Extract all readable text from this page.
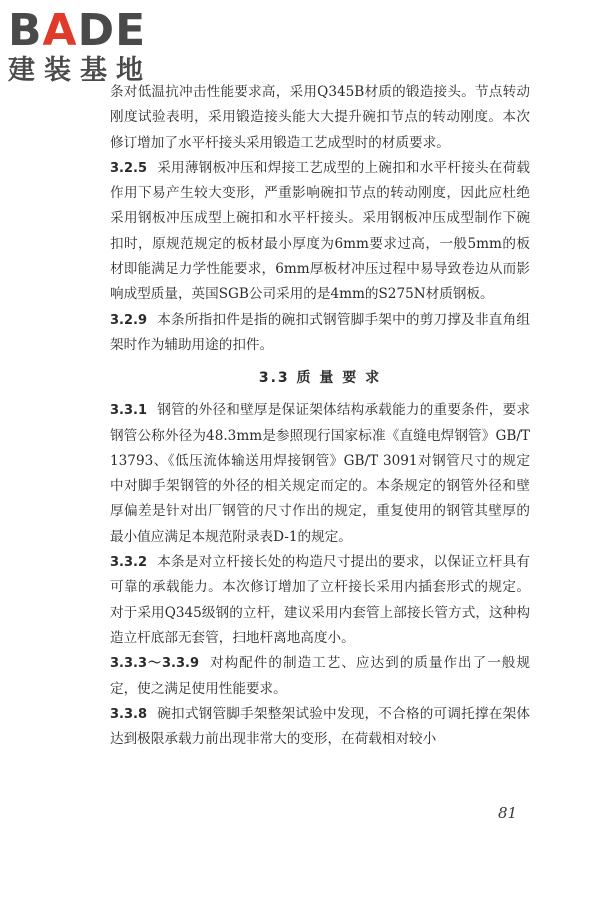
BADE
建装基地

条对低温抗冲击性能要求高，采用Q345B材质的锻造接头。节点转动刚度试验表明，采用锻造接头能大大提升碗扣节点的转动刚度。本次修订增加了水平杆接头采用锻造工艺成型时的材质要求。

3.2.5 采用薄钢板冲压和焊接工艺成型的上碗扣和水平杆接头在荷载作用下易产生较大变形，严重影响碗扣节点的转动刚度，因此应杜绝采用钢板冲压成型上碗扣和水平杆接头。采用钢板冲压成型制作下碗扣时，原规范规定的板材最小厚度为6mm要求过高，一般5mm的板材即能满足力学性能要求，6mm厚板材冲压过程中易导致卷边从而影响成型质量，英国SGB公司采用的是4mm的S275N材质钢板。

3.2.9 本条所指扣件是指的碗扣式钢管脚手架中的剪刀撑及非直角组架时作为辅助用途的扣件。

3.3 质 量 要 求

3.3.1 钢管的外径和壁厚是保证架体结构承载能力的重要条件，要求钢管公称外径为48.3mm是参照现行国家标准《直缝电焊钢管》GB/T 13793、《低压流体输送用焊接钢管》GB/T 3091对钢管尺寸的规定中对脚手架钢管的外径的相关规定而定的。本条规定的钢管外径和壁厚偏差是针对出厂钢管的尺寸作出的规定，重复使用的钢管其壁厚的最小值应满足本规范附录表D-1的规定。

3.3.2 本条是对立杆接长处的构造尺寸提出的要求，以保证立杆具有可靠的承载能力。本次修订增加了立杆接长采用内插套形式的规定。对于采用Q345级钢的立杆，建议采用内套管上部接长管方式，这种构造立杆底部无套管，扫地杆离地高度小。

3.3.3～3.3.9 对构配件的制造工艺、应达到的质量作出了一般规定，使之满足使用性能要求。

3.3.8 碗扣式钢管脚手架整架试验中发现，不合格的可调托撑在架体达到极限承载力前出现非常大的变形，在荷载相对较小

81
